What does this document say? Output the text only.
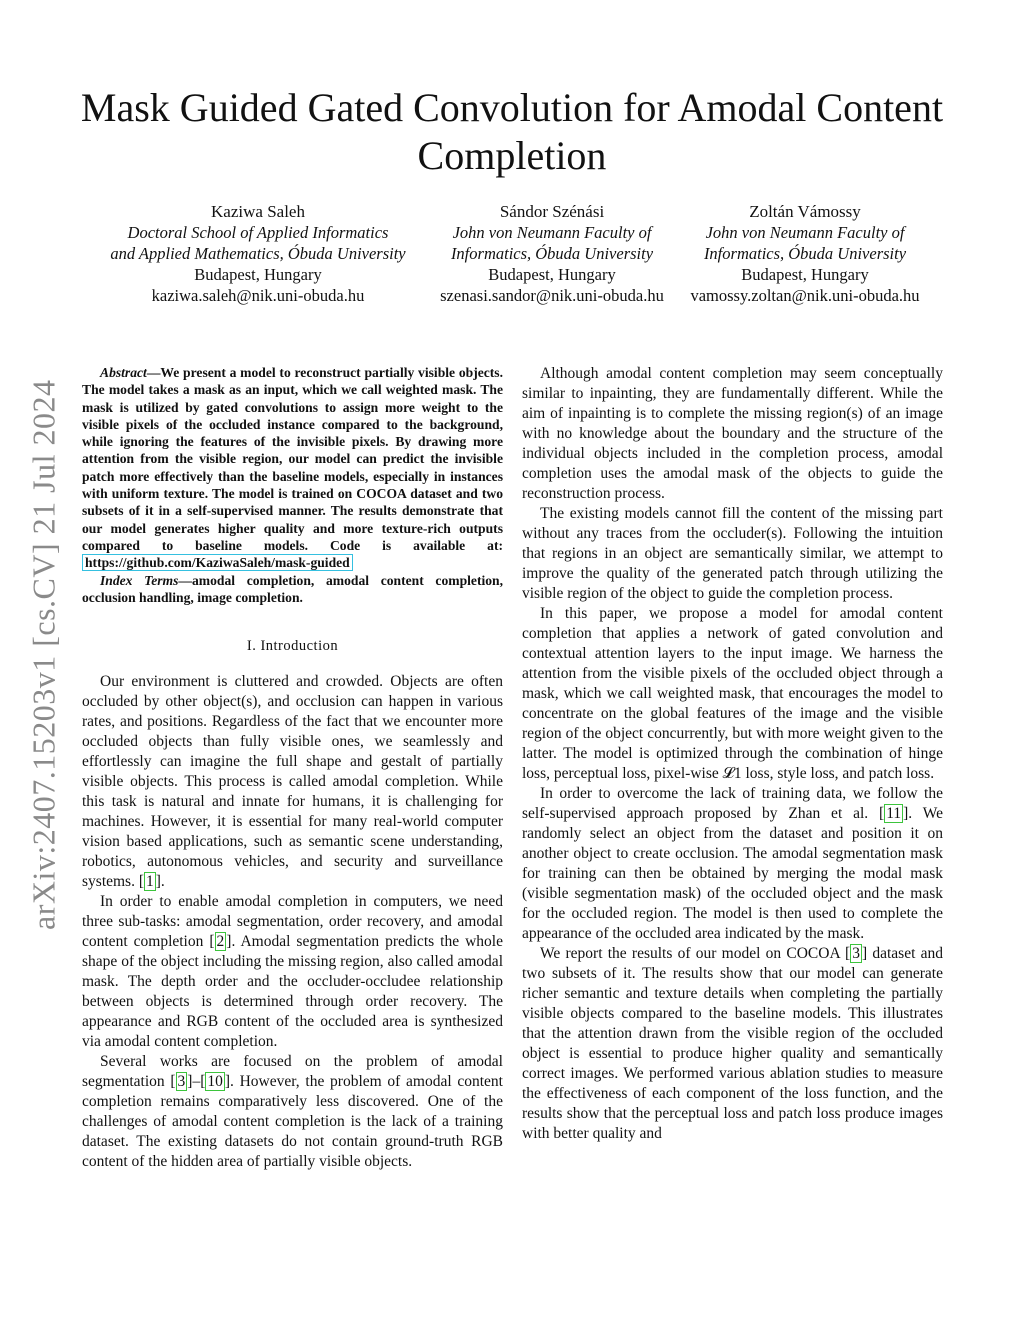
arXiv:2407.15203v1 [cs.CV] 21 Jul 2024
Mask Guided Gated Convolution for Amodal Content Completion
Kaziwa Saleh
Doctoral School of Applied Informatics
and Applied Mathematics, Óbuda University
Budapest, Hungary
kaziwa.saleh@nik.uni-obuda.hu
Sándor Szénási
John von Neumann Faculty of
Informatics, Óbuda University
Budapest, Hungary
szenasi.sandor@nik.uni-obuda.hu
Zoltán Vámossy
John von Neumann Faculty of
Informatics, Óbuda University
Budapest, Hungary
vamossy.zoltan@nik.uni-obuda.hu

Abstract—We present a model to reconstruct partially visible objects. The model takes a mask as an input, which we call weighted mask. The mask is utilized by gated convolutions to assign more weight to the visible pixels of the occluded instance compared to the background, while ignoring the features of the invisible pixels. By drawing more attention from the visible region, our model can predict the invisible patch more effectively than the baseline models, especially in instances with uniform texture. The model is trained on COCOA dataset and two subsets of it in a self-supervised manner. The results demonstrate that our model generates higher quality and more texture-rich outputs compared to baseline models. Code is available at: https://github.com/KaziwaSaleh/mask-guided

Index Terms—amodal completion, amodal content completion, occlusion handling, image completion.

I. Introduction

Our environment is cluttered and crowded. Objects are often occluded by other object(s), and occlusion can happen in various rates, and positions. Regardless of the fact that we encounter more occluded objects than fully visible ones, we seamlessly and effortlessly can imagine the full shape and gestalt of partially visible objects. This process is called amodal completion. While this task is natural and innate for humans, it is challenging for machines. However, it is essential for many real-world computer vision based applications, such as semantic scene understanding, robotics, autonomous vehicles, and security and surveillance systems. [ 1 ].

In order to enable amodal completion in computers, we need three sub-tasks: amodal segmentation, order recovery, and amodal content completion [ 2 ]. Amodal segmentation predicts the whole shape of the object including the missing region, also called amodal mask. The depth order and the occluder-occludee relationship between objects is determined through order recovery. The appearance and RGB content of the occluded area is synthesized via amodal content completion.

Several works are focused on the problem of amodal segmentation [ 3 ]–[ 10 ]. However, the problem of amodal content completion remains comparatively less discovered. One of the challenges of amodal content completion is the lack of a training dataset. The existing datasets do not contain ground-truth RGB content of the hidden area of partially visible objects.

Although amodal content completion may seem conceptually similar to inpainting, they are fundamentally different. While the aim of inpainting is to complete the missing region(s) of an image with no knowledge about the boundary and the structure of the individual objects included in the completion process, amodal completion uses the amodal mask of the objects to guide the reconstruction process.

The existing models cannot fill the content of the missing part without any traces from the occluder(s). Following the intuition that regions in an object are semantically similar, we attempt to improve the quality of the generated patch through utilizing the visible region of the object to guide the completion process.

In this paper, we propose a model for amodal content completion that applies a network of gated convolution and contextual attention layers to the input image. We harness the attention from the visible pixels of the occluded object through a mask, which we call weighted mask, that encourages the model to concentrate on the global features of the image and the visible region of the object concurrently, but with more weight given to the latter. The model is optimized through the combination of hinge loss, perceptual loss, pixel-wise 𝓛1 loss, style loss, and patch loss.

In order to overcome the lack of training data, we follow the self-supervised approach proposed by Zhan et al. [ 11 ]. We randomly select an object from the dataset and position it on another object to create occlusion. The amodal segmentation mask for training can then be obtained by merging the modal mask (visible segmentation mask) of the occluded object and the mask for the occluded region. The model is then used to complete the appearance of the occluded area indicated by the mask.

We report the results of our model on COCOA [ 3 ] dataset and two subsets of it. The results show that our model can generate richer semantic and texture details when completing the partially visible objects compared to the baseline models. This illustrates that the attention drawn from the visible region of the occluded object is essential to produce higher quality and semantically correct images. We performed various ablation studies to measure the effectiveness of each component of the loss function, and the results show that the perceptual loss and patch loss produce images with better quality and
